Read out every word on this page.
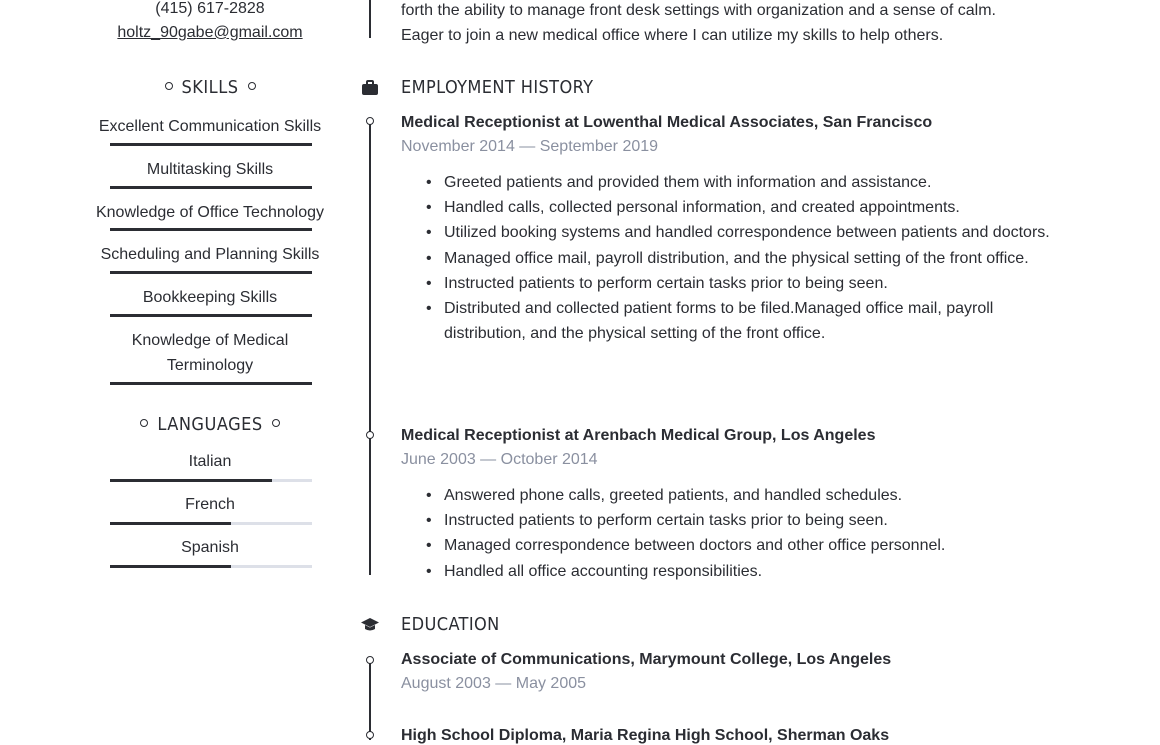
(415) 617-2828
holtz_90gabe@gmail.com
SKILLS
Excellent Communication Skills
Multitasking Skills
Knowledge of Office Technology
Scheduling and Planning Skills
Bookkeeping Skills
Knowledge of Medical Terminology
LANGUAGES
Italian
French
Spanish
forth the ability to manage front desk settings with organization and a sense of calm.
Eager to join a new medical office where I can utilize my skills to help others.
EMPLOYMENT HISTORY
Medical Receptionist at Lowenthal Medical Associates, San Francisco
November 2014 — September 2019
• Greeted patients and provided them with information and assistance.
• Handled calls, collected personal information, and created appointments.
• Utilized booking systems and handled correspondence between patients and doctors.
• Managed office mail, payroll distribution, and the physical setting of the front office.
• Instructed patients to perform certain tasks prior to being seen.
• Distributed and collected patient forms to be filed.Managed office mail, payroll distribution, and the physical setting of the front office.
Medical Receptionist at Arenbach Medical Group, Los Angeles
June 2003 — October 2014
• Answered phone calls, greeted patients, and handled schedules.
• Instructed patients to perform certain tasks prior to being seen.
• Managed correspondence between doctors and other office personnel.
• Handled all office accounting responsibilities.
EDUCATION
Associate of Communications, Marymount College, Los Angeles
August 2003 — May 2005
High School Diploma, Maria Regina High School, Sherman Oaks
